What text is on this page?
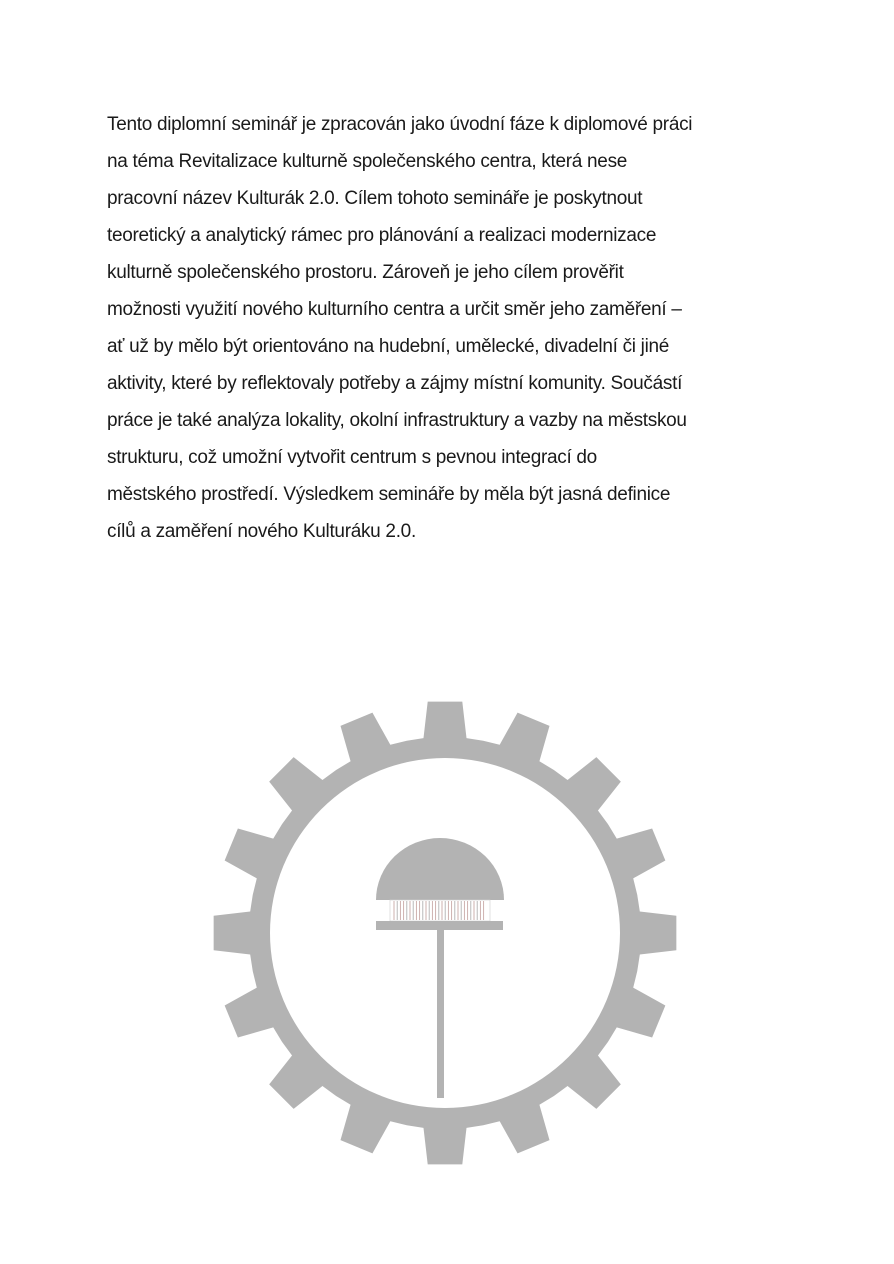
Tento diplomní seminář je zpracován jako úvodní fáze k diplomové práci
na téma Revitalizace kulturně společenského centra, která nese
pracovní název Kulturák 2.0. Cílem tohoto semináře je poskytnout
teoretický a analytický rámec pro plánování a realizaci modernizace
kulturně společenského prostoru. Zároveň je jeho cílem prověřit
možnosti využití nového kulturního centra a určit směr jeho zaměření –
ať už by mělo být orientováno na hudební, umělecké, divadelní či jiné
aktivity, které by reflektovaly potřeby a zájmy místní komunity. Součástí
práce je také analýza lokality, okolní infrastruktury a vazby na městskou
strukturu, což umožní vytvořit centrum s pevnou integrací do
městského prostředí. Výsledkem semináře by měla být jasná definice
cílů a zaměření nového Kulturáku 2.0.
